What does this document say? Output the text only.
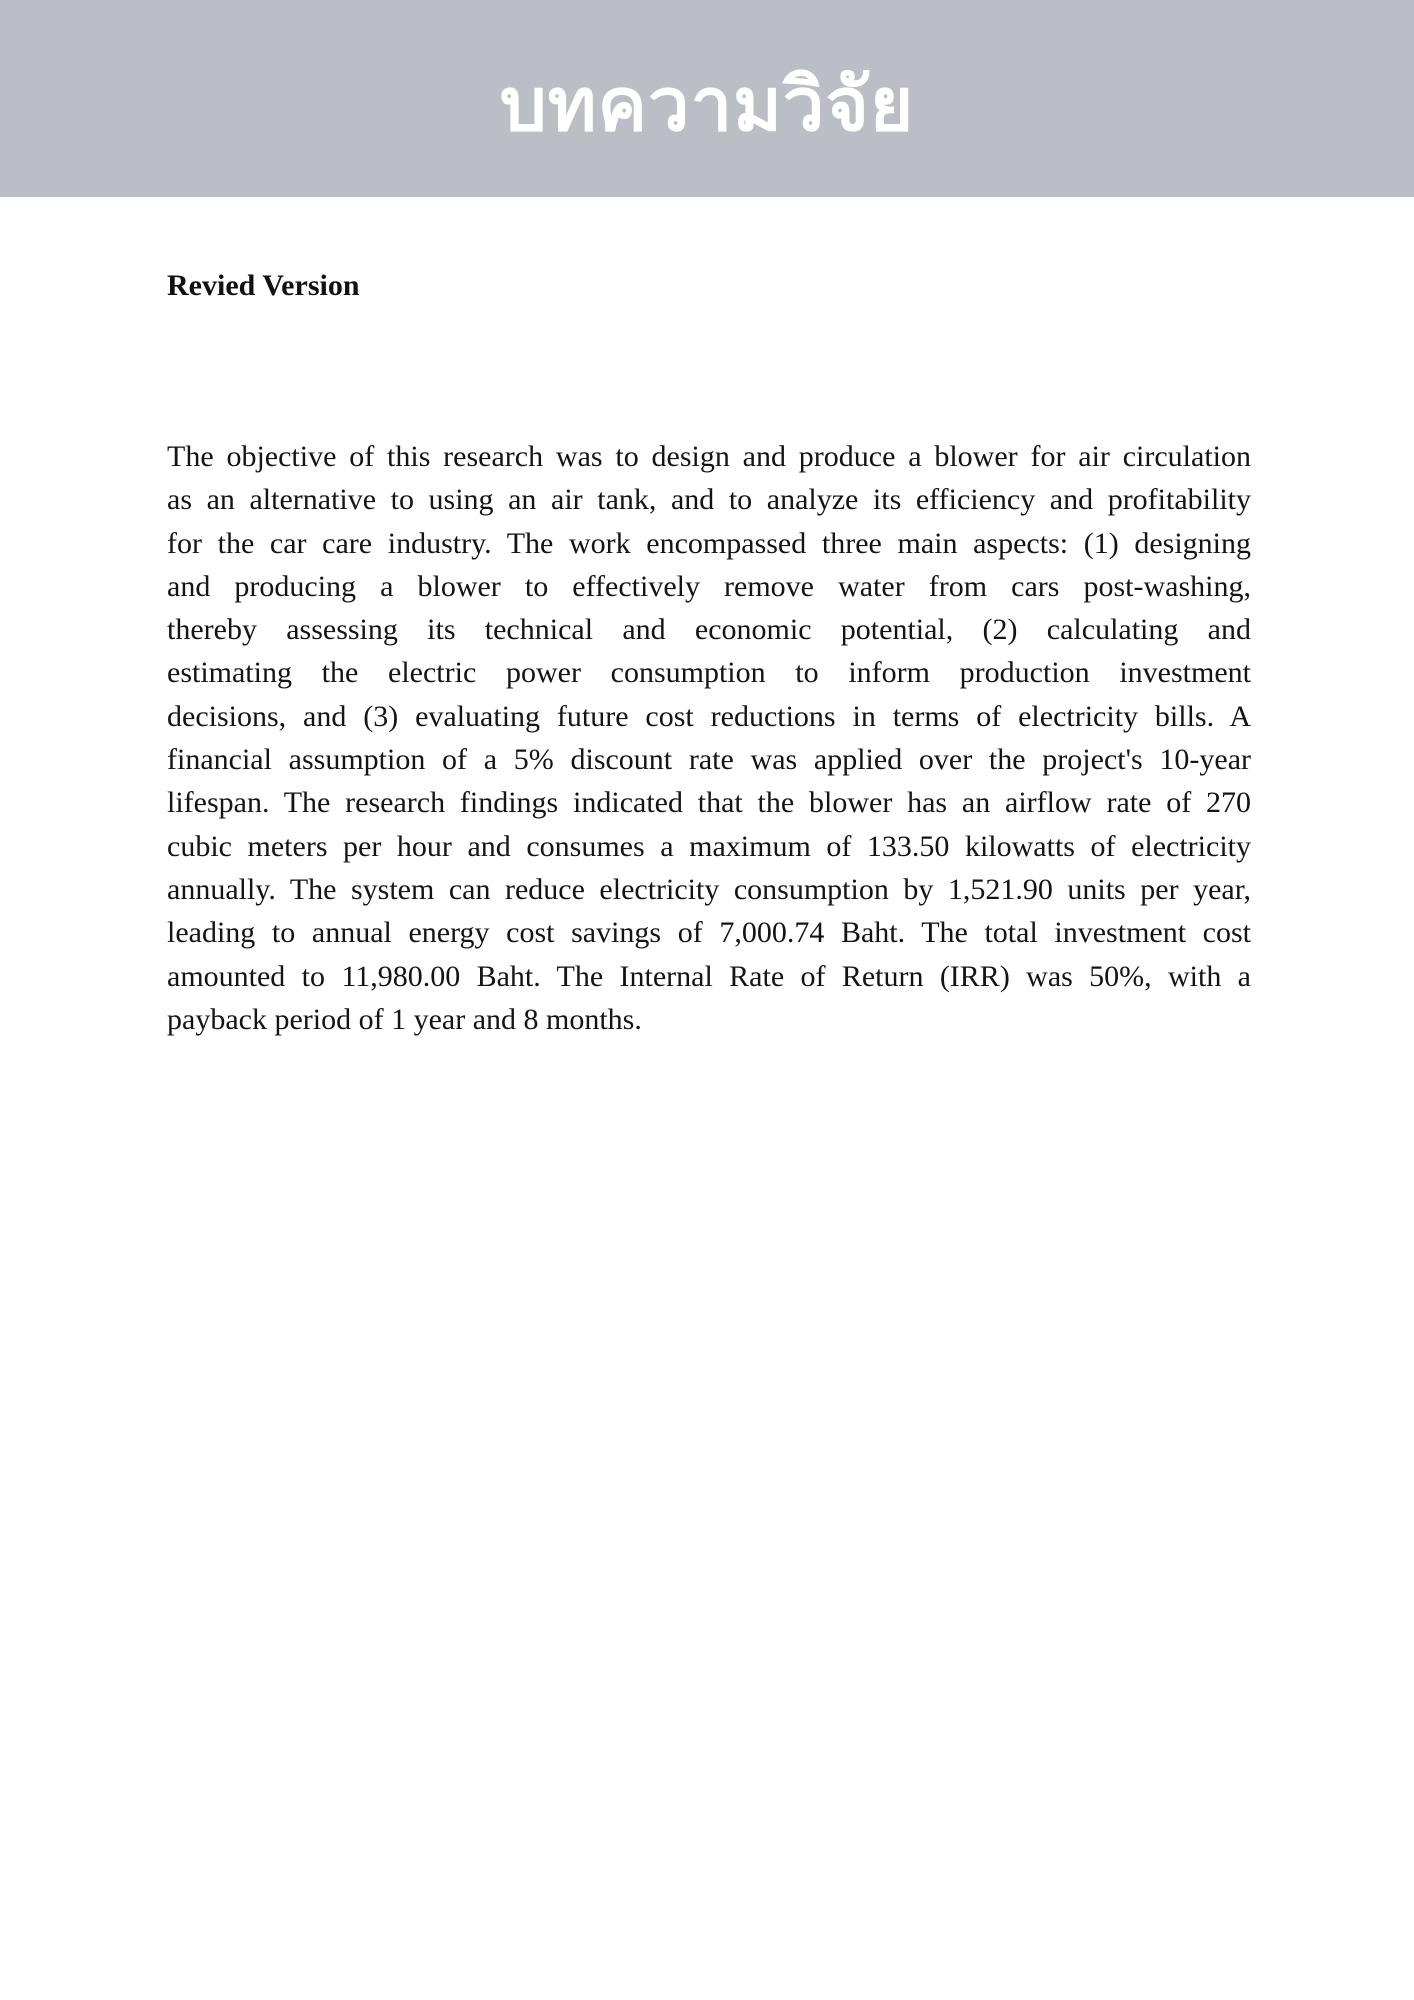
บทความวิจัย
Revied Version
The objective of this research was to design and produce a blower for air circulation
as an alternative to using an air tank, and to analyze its efficiency and profitability
for the car care industry. The work encompassed three main aspects: (1) designing
and producing a blower to effectively remove water from cars post-washing,
thereby assessing its technical and economic potential, (2) calculating and
estimating the electric power consumption to inform production investment
decisions, and (3) evaluating future cost reductions in terms of electricity bills. A
financial assumption of a 5% discount rate was applied over the project's 10-year
lifespan. The research findings indicated that the blower has an airflow rate of 270
cubic meters per hour and consumes a maximum of 133.50 kilowatts of electricity
annually. The system can reduce electricity consumption by 1,521.90 units per year,
leading to annual energy cost savings of 7,000.74 Baht. The total investment cost
amounted to 11,980.00 Baht. The Internal Rate of Return (IRR) was 50%, with a
payback period of 1 year and 8 months.
